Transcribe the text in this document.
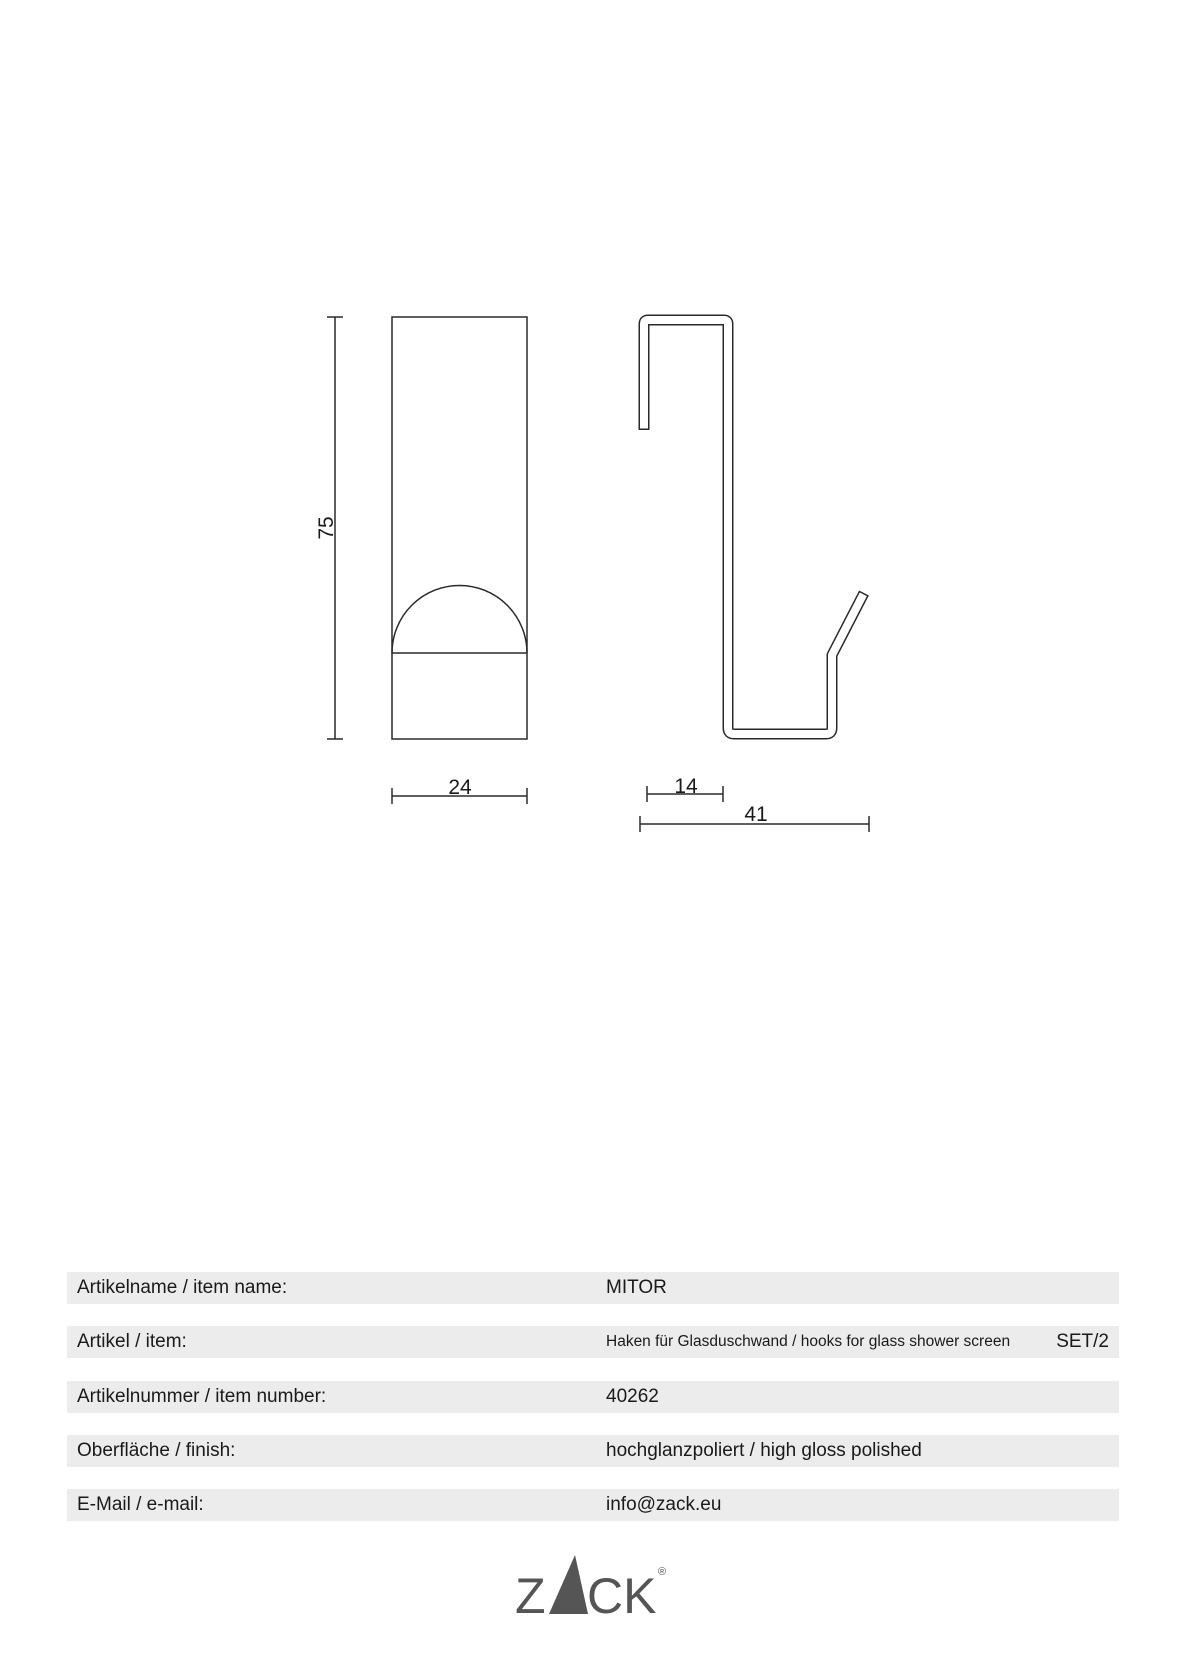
75
24	14
41
Artikelname / item name:	MITOR
Artikel / item:	Haken für Glasduschwand / hooks for glass shower screen SET/2
Artikelnummer / item number:	40262
Oberfläche / finish:	hochglanzpoliert / high gloss polished
E-Mail / e-mail:	info@zack.eu
Z CK ®
